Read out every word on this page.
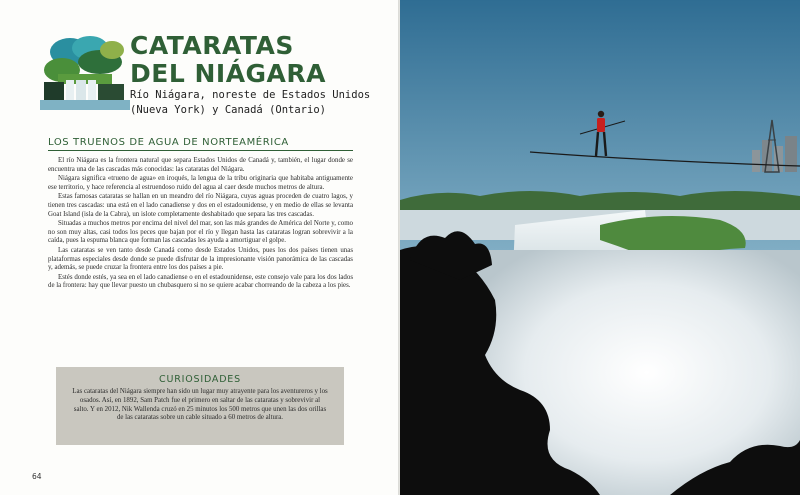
CATARATAS
DEL NIÁGARA
Río Niágara, noreste de Estados Unidos
(Nueva York) y Canadá (Ontario)
LOS TRUENOS DE AGUA DE NORTEAMÉRICA

El río Niágara es la frontera natural que separa Estados Unidos de Canadá y, también, el lugar donde se encuentra una de las cascadas más conocidas: las cataratas del Niágara.

Niágara significa «trueno de agua» en iroqués, la lengua de la tribu originaria que habitaba antiguamente ese territorio, y hace referencia al estruendoso ruido del agua al caer desde muchos metros de altura.

Estas famosas cataratas se hallan en un meandro del río Niágara, cuyas aguas proceden de cuatro lagos, y tienen tres cascadas: una está en el lado canadiense y dos en el estadounidense, y en medio de ellas se levanta Goat Island (isla de la Cabra), un islote completamente deshabitado que separa las tres cascadas.

Situadas a muchos metros por encima del nivel del mar, son las más grandes de América del Norte y, como no son muy altas, casi todos los peces que bajan por el río y llegan hasta las cataratas logran sobrevivir a la caída, pues la espuma blanca que forman las cascadas les ayuda a amortiguar el golpe.

Las cataratas se ven tanto desde Canadá como desde Estados Unidos, pues los dos países tienen unas plataformas especiales desde donde se puede disfrutar de la impresionante visión panorámica de las cascadas y, además, se puede cruzar la frontera entre los dos países a pie.

Estés donde estés, ya sea en el lado canadiense o en el estadounidense, este consejo vale para los dos lados de la frontera: hay que llevar puesto un chubasquero si no se quiere acabar chorreando de la cabeza a los pies.

CURIOSIDADES
Las cataratas del Niágara siempre han sido un lugar muy atrayente para los aventureros y los osados. Así, en 1892, Sam Patch fue el primero en saltar de las cataratas y sobrevivir al salto. Y en 2012, Nik Wallenda cruzó en 25 minutos los 500 metros que unen las dos orillas de las cataratas sobre un cable situado a 60 metros de altura.
64
